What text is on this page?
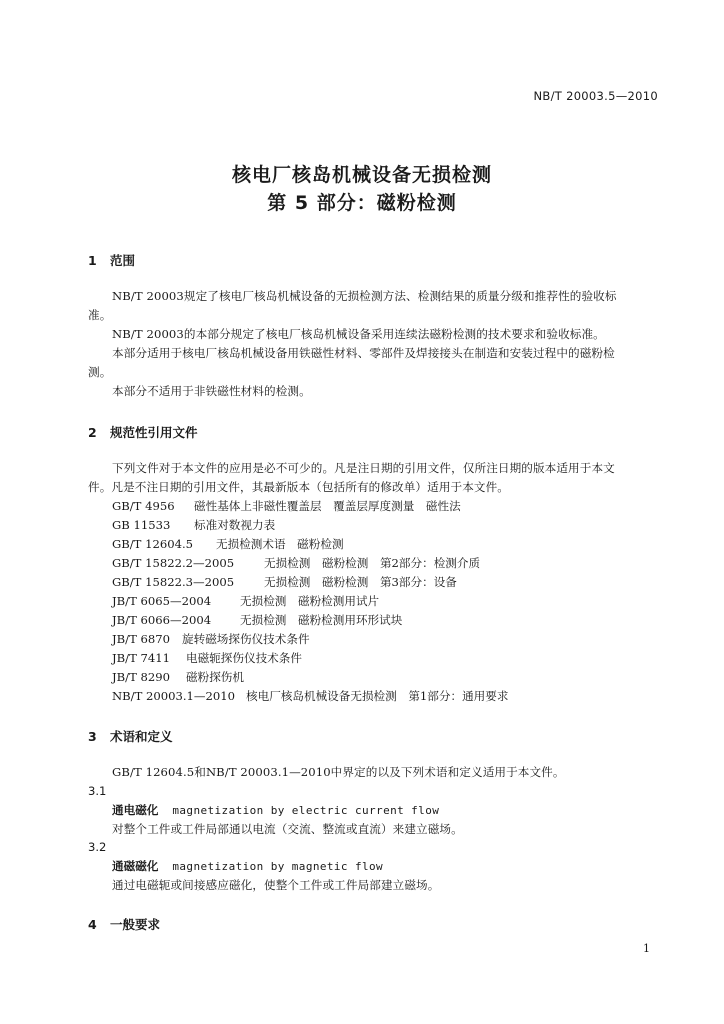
NB/T 20003.5—2010
核电厂核岛机械设备无损检测
第 5 部分：磁粉检测
1 范围
NB/T 20003规定了核电厂核岛机械设备的无损检测方法、检测结果的质量分级和推荐性的验收标
准。
NB/T 20003的本部分规定了核电厂核岛机械设备采用连续法磁粉检测的技术要求和验收标准。
本部分适用于核电厂核岛机械设备用铁磁性材料、零部件及焊接接头在制造和安装过程中的磁粉检
测。
本部分不适用于非铁磁性材料的检测。
2 规范性引用文件
下列文件对于本文件的应用是必不可少的。凡是注日期的引用文件，仅所注日期的版本适用于本文
件。凡是不注日期的引用文件，其最新版本（包括所有的修改单）适用于本文件。
GB/T 4956 磁性基体上非磁性覆盖层　覆盖层厚度测量　磁性法
GB 11533 标准对数视力表
GB/T 12604.5 无损检测术语　磁粉检测
GB/T 15822.2—2005	无损检测　磁粉检测　第2部分：检测介质
GB/T 15822.3—2005	无损检测　磁粉检测　第3部分：设备
JB/T 6065—2004 无损检测　磁粉检测用试片
JB/T 6066—2004 无损检测　磁粉检测用环形试块
JB/T 6870 旋转磁场探伤仪技术条件
JB/T 7411 电磁轭探伤仪技术条件
JB/T 8290 磁粉探伤机
NB/T 20003.1—2010 核电厂核岛机械设备无损检测　第1部分：通用要求
3 术语和定义
GB/T 12604.5和NB/T 20003.1—2010中界定的以及下列术语和定义适用于本文件。
3.1
通电磁化 magnetization by electric current flow
对整个工件或工件局部通以电流（交流、整流或直流）来建立磁场。
3.2
通磁磁化 magnetization by magnetic flow
通过电磁轭或间接感应磁化，使整个工件或工件局部建立磁场。
4 一般要求
1
